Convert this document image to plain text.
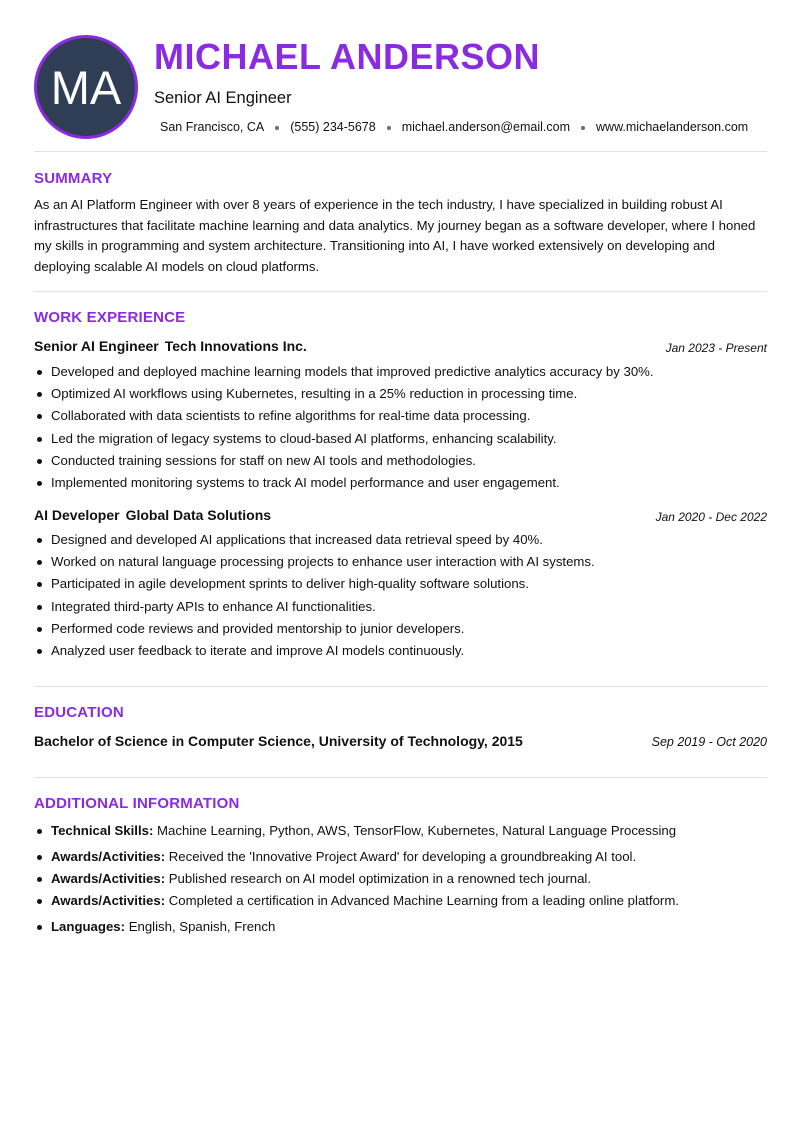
MA
MICHAEL ANDERSON
Senior AI Engineer
San Francisco, CA (555) 234-5678 michael.anderson@email.com www.michaelanderson.com
SUMMARY
As an AI Platform Engineer with over 8 years of experience in the tech industry, I have specialized in building robust AI infrastructures that facilitate machine learning and data analytics. My journey began as a software developer, where I honed my skills in programming and system architecture. Transitioning into AI, I have worked extensively on developing and deploying scalable AI models on cloud platforms.
WORK EXPERIENCE
Senior AI Engineer Tech Innovations Inc.	Jan 2023 - Present
Developed and deployed machine learning models that improved predictive analytics accuracy by 30%.
Optimized AI workflows using Kubernetes, resulting in a 25% reduction in processing time.
Collaborated with data scientists to refine algorithms for real-time data processing.
Led the migration of legacy systems to cloud-based AI platforms, enhancing scalability.
Conducted training sessions for staff on new AI tools and methodologies.
Implemented monitoring systems to track AI model performance and user engagement.
AI Developer Global Data Solutions	Jan 2020 - Dec 2022
Designed and developed AI applications that increased data retrieval speed by 40%.
Worked on natural language processing projects to enhance user interaction with AI systems.
Participated in agile development sprints to deliver high-quality software solutions.
Integrated third-party APIs to enhance AI functionalities.
Performed code reviews and provided mentorship to junior developers.
Analyzed user feedback to iterate and improve AI models continuously.
EDUCATION
Bachelor of Science in Computer Science, University of Technology, 2015	Sep 2019 - Oct 2020
ADDITIONAL INFORMATION
Technical Skills: Machine Learning, Python, AWS, TensorFlow, Kubernetes, Natural Language Processing
Awards/Activities: Received the 'Innovative Project Award' for developing a groundbreaking AI tool.
Awards/Activities: Published research on AI model optimization in a renowned tech journal.
Awards/Activities: Completed a certification in Advanced Machine Learning from a leading online platform.
Languages: English, Spanish, French
